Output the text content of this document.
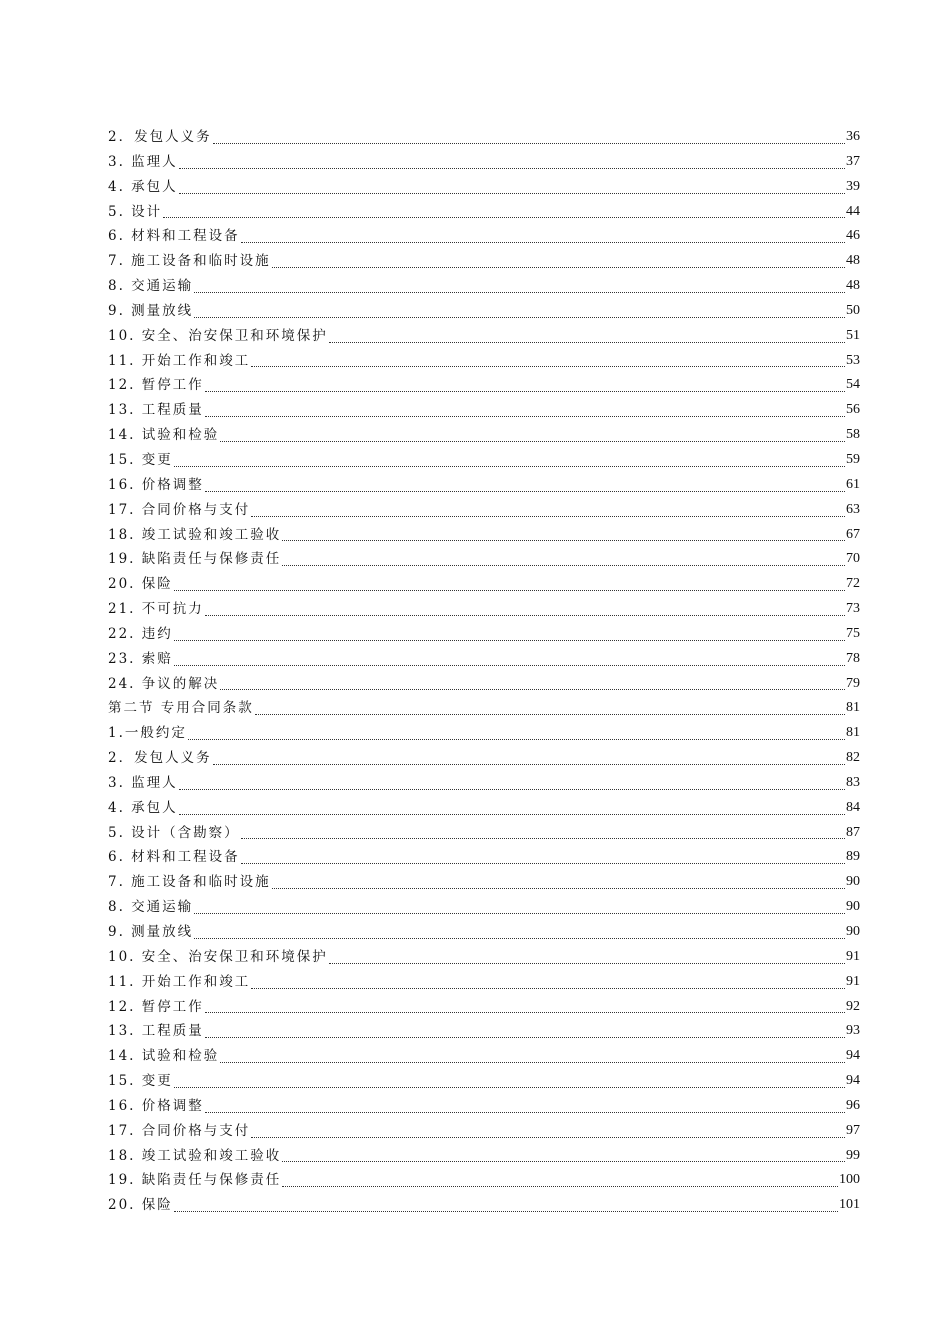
2．发包人义务	36
3. 监理人	37
4. 承包人	39
5. 设计	44
6. 材料和工程设备	46
7. 施工设备和临时设施	48
8. 交通运输	48
9. 测量放线	50
10. 安全、治安保卫和环境保护	51
11. 开始工作和竣工	53
12. 暂停工作	54
13. 工程质量	56
14. 试验和检验	58
15. 变更	59
16. 价格调整	61
17. 合同价格与支付	63
18. 竣工试验和竣工验收	67
19. 缺陷责任与保修责任	70
20. 保险	72
21. 不可抗力	73
22. 违约	75
23. 索赔	78
24. 争议的解决	79
第二节 专用合同条款	81
1.一般约定	81
2．发包人义务	82
3. 监理人	83
4. 承包人	84
5. 设计（含勘察）	87
6. 材料和工程设备	89
7. 施工设备和临时设施	90
8. 交通运输	90
9. 测量放线	90
10. 安全、治安保卫和环境保护	91
11. 开始工作和竣工	91
12. 暂停工作	92
13. 工程质量	93
14. 试验和检验	94
15. 变更	94
16. 价格调整	96
17. 合同价格与支付	97
18. 竣工试验和竣工验收	99
19. 缺陷责任与保修责任	100
20. 保险	101
